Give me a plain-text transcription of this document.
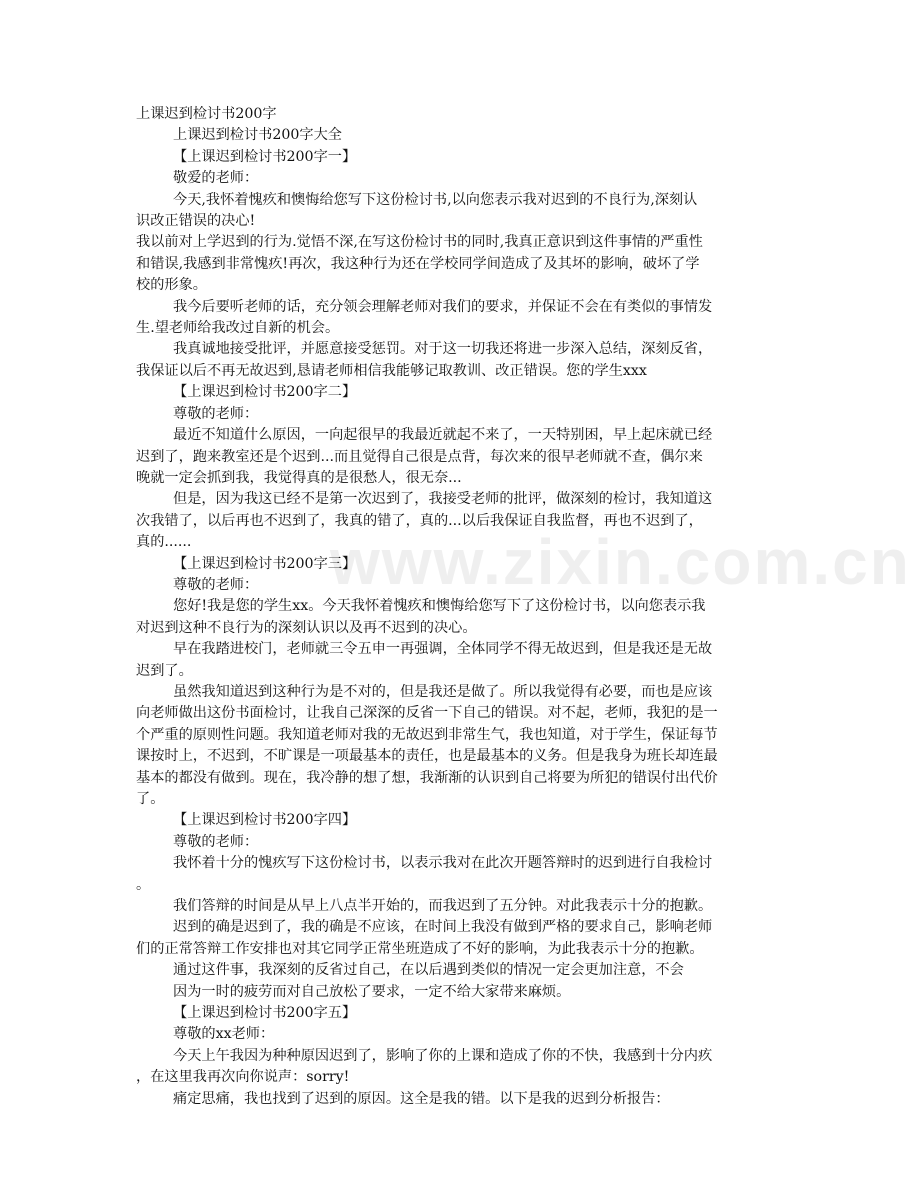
www.zixin.com.cn
上课迟到检讨书200字
上课迟到检讨书200字大全
【上课迟到检讨书200字一】
敬爱的老师：
今天,我怀着愧疚和懊悔给您写下这份检讨书,以向您表示我对迟到的不良行为,深刻认
识改正错误的决心!
我以前对上学迟到的行为.觉悟不深,在写这份检讨书的同时,我真正意识到这件事情的严重性
和错误,我感到非常愧疚!再次，我这种行为还在学校同学间造成了及其坏的影响，破坏了学
校的形象。
我今后要听老师的话，充分领会理解老师对我们的要求，并保证不会在有类似的事情发
生.望老师给我改过自新的机会。
我真诚地接受批评，并愿意接受惩罚。对于这一切我还将进一步深入总结，深刻反省，
我保证以后不再无故迟到,恳请老师相信我能够记取教训、改正错误。您的学生xxx
【上课迟到检讨书200字二】
尊敬的老师：
最近不知道什么原因，一向起很早的我最近就起不来了，一天特别困，早上起床就已经
迟到了，跑来教室还是个迟到...而且觉得自己很是点背，每次来的很早老师就不查，偶尔来
晚就一定会抓到我，我觉得真的是很愁人，很无奈...
但是，因为我这已经不是第一次迟到了，我接受老师的批评，做深刻的检讨，我知道这
次我错了，以后再也不迟到了，我真的错了，真的...以后我保证自我监督，再也不迟到了，
真的......
【上课迟到检讨书200字三】
尊敬的老师：
您好!我是您的学生xx。今天我怀着愧疚和懊悔给您写下了这份检讨书，以向您表示我
对迟到这种不良行为的深刻认识以及再不迟到的决心。
早在我踏进校门，老师就三令五申一再强调，全体同学不得无故迟到，但是我还是无故
迟到了。
虽然我知道迟到这种行为是不对的，但是我还是做了。所以我觉得有必要，而也是应该
向老师做出这份书面检讨，让我自己深深的反省一下自己的错误。对不起，老师，我犯的是一
个严重的原则性问题。我知道老师对我的无故迟到非常生气，我也知道，对于学生，保证每节
课按时上，不迟到，不旷课是一项最基本的责任，也是最基本的义务。但是我身为班长却连最
基本的都没有做到。现在，我冷静的想了想，我渐渐的认识到自己将要为所犯的错误付出代价
了。
【上课迟到检讨书200字四】
尊敬的老师：
我怀着十分的愧疚写下这份检讨书，以表示我对在此次开题答辩时的迟到进行自我检讨
。
我们答辩的时间是从早上八点半开始的，而我迟到了五分钟。对此我表示十分的抱歉。
迟到的确是迟到了，我的确是不应该，在时间上我没有做到严格的要求自己，影响老师
们的正常答辩工作安排也对其它同学正常坐班造成了不好的影响，为此我表示十分的抱歉。
通过这件事，我深刻的反省过自己，在以后遇到类似的情况一定会更加注意，不会
因为一时的疲劳而对自己放松了要求，一定不给大家带来麻烦。
【上课迟到检讨书200字五】
尊敬的xx老师：
今天上午我因为种种原因迟到了，影响了你的上课和造成了你的不快，我感到十分内疚
，在这里我再次向你说声：sorry!
痛定思痛，我也找到了迟到的原因。这全是我的错。以下是我的迟到分析报告：
